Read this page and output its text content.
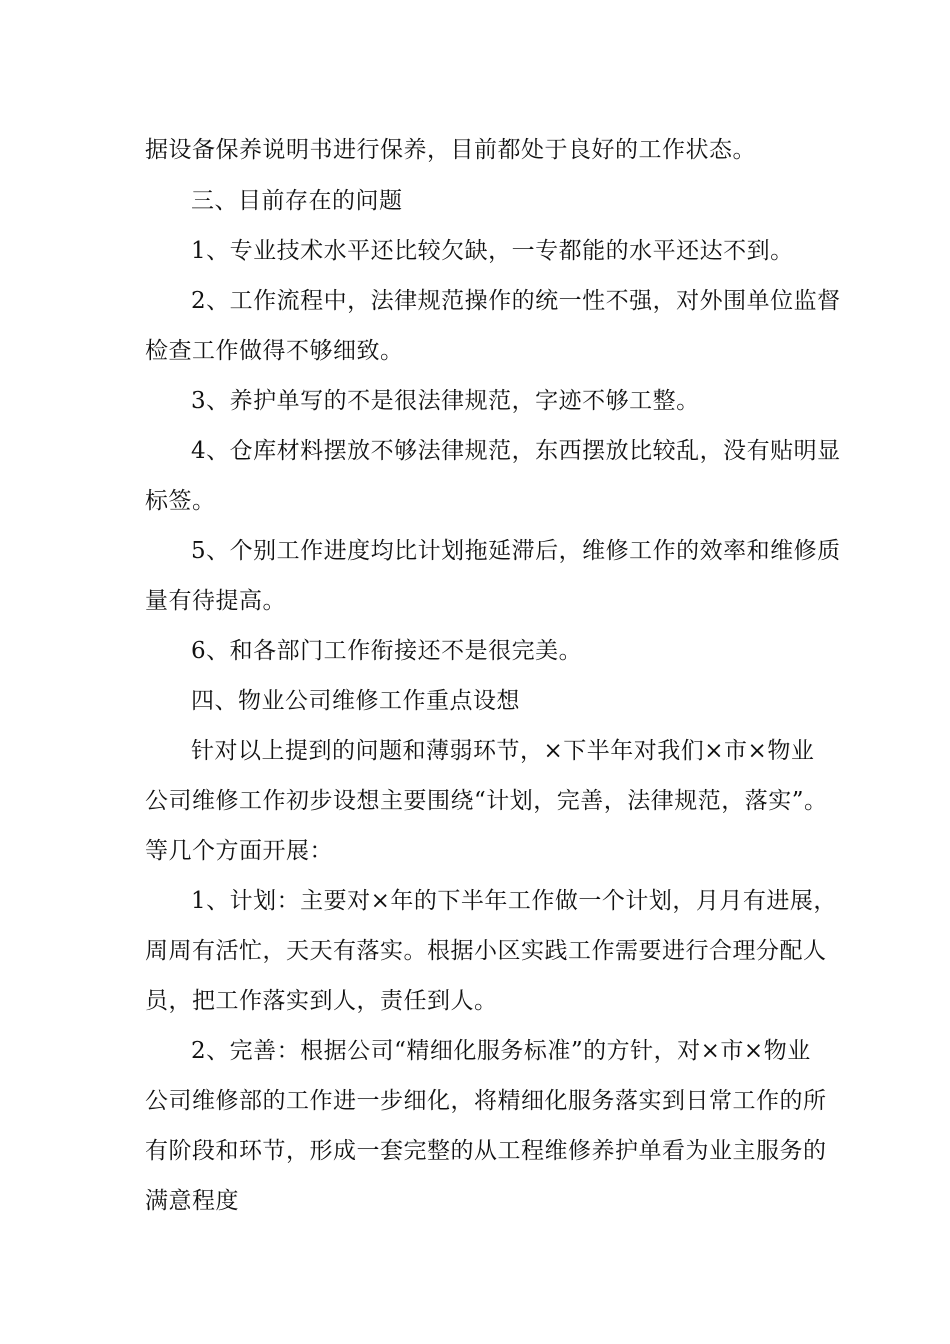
据设备保养说明书进行保养，目前都处于良好的工作状态。
三、目前存在的问题
1、专业技术水平还比较欠缺，一专都能的水平还达不到。
2、工作流程中，法律规范操作的统一性不强，对外围单位监督
检查工作做得不够细致。
3、养护单写的不是很法律规范，字迹不够工整。
4、仓库材料摆放不够法律规范，东西摆放比较乱，没有贴明显
标签。
5、个别工作进度均比计划拖延滞后，维修工作的效率和维修质
量有待提高。
6、和各部门工作衔接还不是很完美。
四、物业公司维修工作重点设想
针对以上提到的问题和薄弱环节，×下半年对我们×市×物业
公司维修工作初步设想主要围绕“计划，完善，法律规范，落实”。
等几个方面开展：
1、计划：主要对×年的下半年工作做一个计划，月月有进展，
周周有活忙，天天有落实。根据小区实践工作需要进行合理分配人
员，把工作落实到人，责任到人。
2、完善：根据公司“精细化服务标准”的方针，对×市×物业
公司维修部的工作进一步细化，将精细化服务落实到日常工作的所
有阶段和环节，形成一套完整的从工程维修养护单看为业主服务的
满意程度
